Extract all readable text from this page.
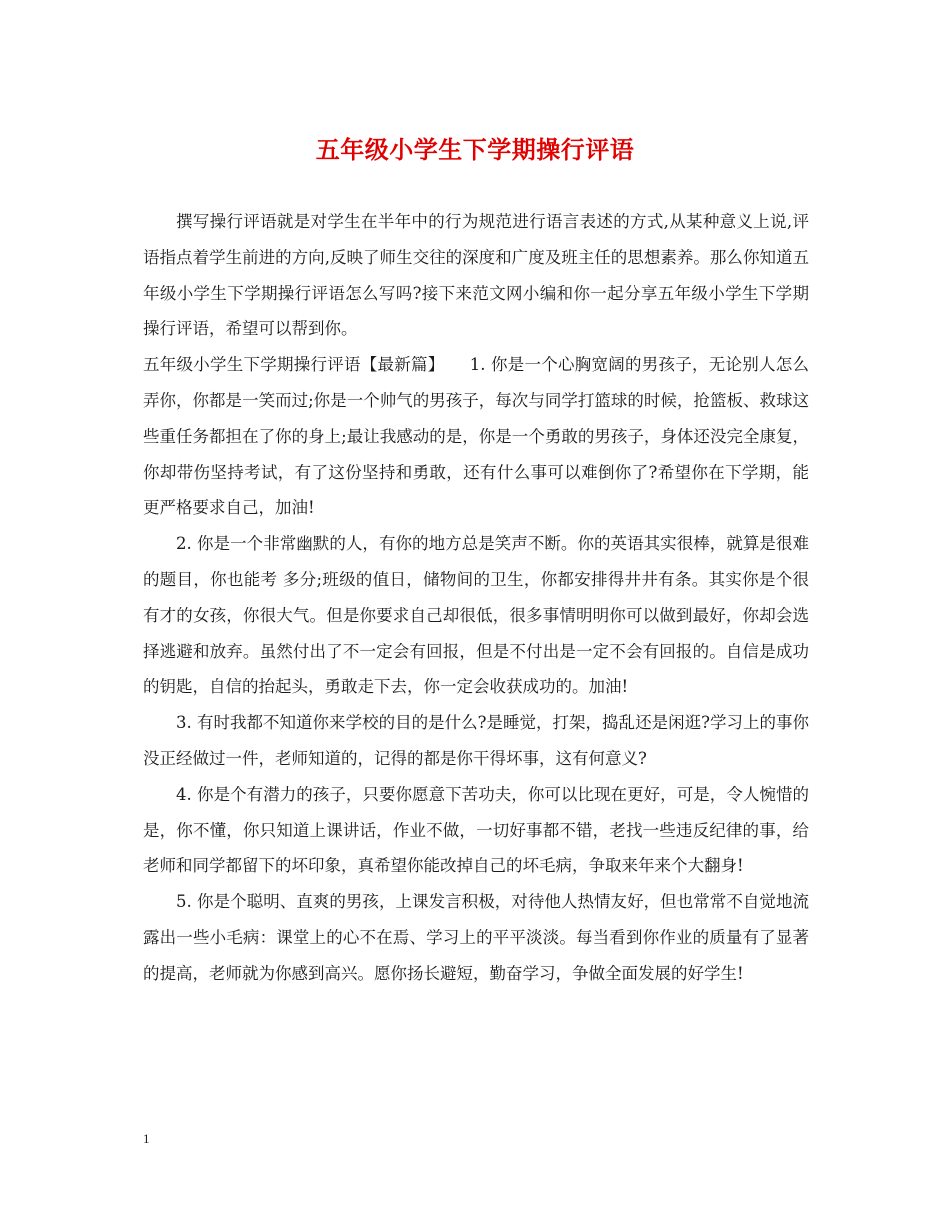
五年级小学生下学期操行评语

撰写操行评语就是对学生在半年中的行为规范进行语言表述的方式,从某种意义上说,评语指点着学生前进的方向,反映了师生交往的深度和广度及班主任的思想素养。那么你知道五年级小学生下学期操行评语怎么写吗?接下来范文网小编和你一起分享五年级小学生下学期操行评语，希望可以帮到你。

五年级小学生下学期操行评语【最新篇】　　1. 你是一个心胸宽阔的男孩子，无论别人怎么弄你，你都是一笑而过;你是一个帅气的男孩子，每次与同学打篮球的时候，抢篮板、救球这些重任务都担在了你的身上;最让我感动的是，你是一个勇敢的男孩子，身体还没完全康复，你却带伤坚持考试，有了这份坚持和勇敢，还有什么事可以难倒你了?希望你在下学期，能更严格要求自己，加油!

2. 你是一个非常幽默的人，有你的地方总是笑声不断。你的英语其实很棒，就算是很难的题目，你也能考 多分;班级的值日，储物间的卫生，你都安排得井井有条。其实你是个很有才的女孩，你很大气。但是你要求自己却很低，很多事情明明你可以做到最好，你却会选择逃避和放弃。虽然付出了不一定会有回报，但是不付出是一定不会有回报的。自信是成功的钥匙，自信的抬起头，勇敢走下去，你一定会收获成功的。加油!

3. 有时我都不知道你来学校的目的是什么?是睡觉，打架，捣乱还是闲逛?学习上的事你没正经做过一件，老师知道的，记得的都是你干得坏事，这有何意义?

4. 你是个有潜力的孩子，只要你愿意下苦功夫，你可以比现在更好，可是，令人惋惜的是，你不懂，你只知道上课讲话，作业不做，一切好事都不错，老找一些违反纪律的事，给老师和同学都留下的坏印象，真希望你能改掉自己的坏毛病，争取来年来个大翻身!

5. 你是个聪明、直爽的男孩，上课发言积极，对待他人热情友好，但也常常不自觉地流露出一些小毛病：课堂上的心不在焉、学习上的平平淡淡。每当看到你作业的质量有了显著的提高，老师就为你感到高兴。愿你扬长避短，勤奋学习，争做全面发展的好学生!

1
